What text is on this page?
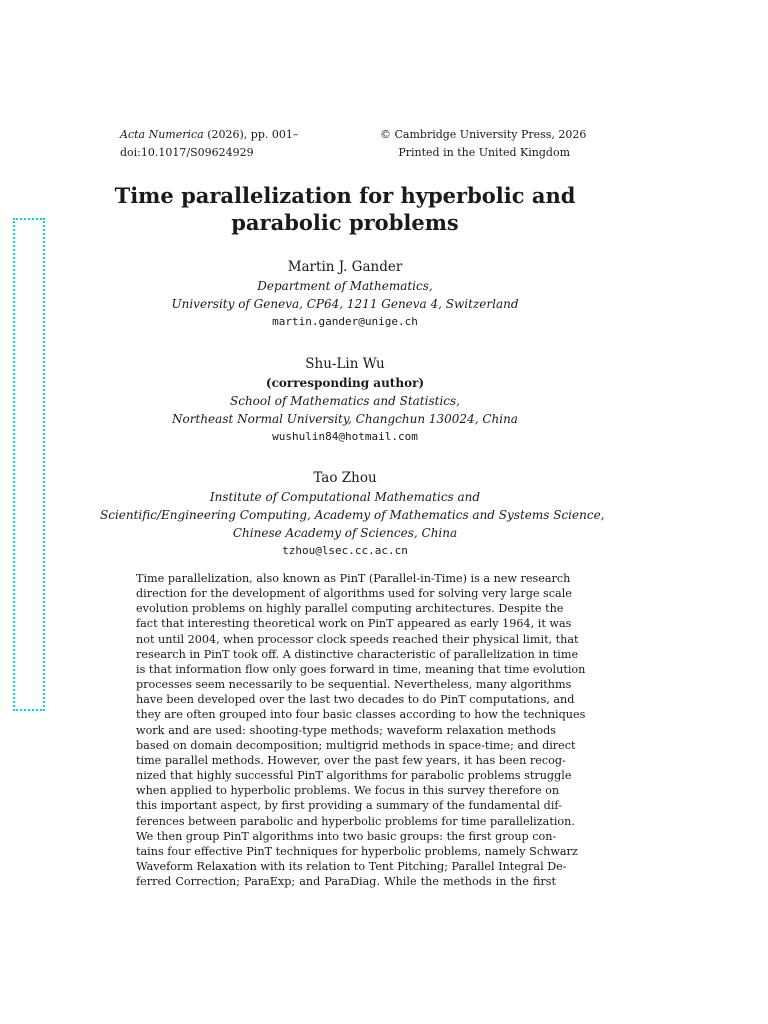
Acta Numerica (2026), pp. 001–
doi:10.1017/S09624929
© Cambridge University Press, 2026
Printed in the United Kingdom
Time parallelization for hyperbolic and
parabolic problems
Martin J. Gander
Department of Mathematics,
University of Geneva, CP64, 1211 Geneva 4, Switzerland
martin.gander@unige.ch
Shu-Lin Wu
(corresponding author)
School of Mathematics and Statistics,
Northeast Normal University, Changchun 130024, China
wushulin84@hotmail.com
Tao Zhou
Institute of Computational Mathematics and
Scientific/Engineering Computing, Academy of Mathematics and Systems Science,
Chinese Academy of Sciences, China
tzhou@lsec.cc.ac.cn
Time parallelization, also known as PinT (Parallel-in-Time) is a new research
direction for the development of algorithms used for solving very large scale
evolution problems on highly parallel computing architectures. Despite the
fact that interesting theoretical work on PinT appeared as early 1964, it was
not until 2004, when processor clock speeds reached their physical limit, that
research in PinT took off. A distinctive characteristic of parallelization in time
is that information flow only goes forward in time, meaning that time evolution
processes seem necessarily to be sequential. Nevertheless, many algorithms
have been developed over the last two decades to do PinT computations, and
they are often grouped into four basic classes according to how the techniques
work and are used: shooting-type methods; waveform relaxation methods
based on domain decomposition; multigrid methods in space-time; and direct
time parallel methods. However, over the past few years, it has been recog-
nized that highly successful PinT algorithms for parabolic problems struggle
when applied to hyperbolic problems. We focus in this survey therefore on
this important aspect, by first providing a summary of the fundamental dif-
ferences between parabolic and hyperbolic problems for time parallelization.
We then group PinT algorithms into two basic groups: the first group con-
tains four effective PinT techniques for hyperbolic problems, namely Schwarz
Waveform Relaxation with its relation to Tent Pitching; Parallel Integral De-
ferred Correction; ParaExp; and ParaDiag. While the methods in the first
